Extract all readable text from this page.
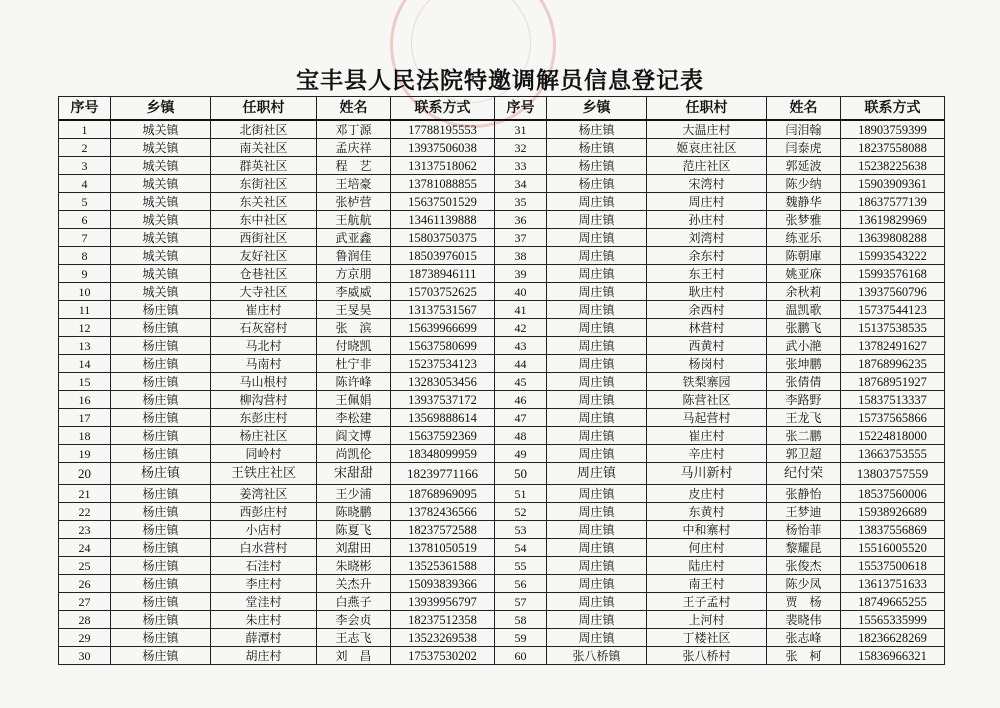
宝丰县人民法院特邀调解员信息登记表
序号	乡镇	任职村	姓名	联系方式	序号	乡镇	任职村	姓名	联系方式
1	城关镇	北街社区	邓丁源	17788195553	31	杨庄镇	大温庄村	闫泪翰	18903759399
2	城关镇	南关社区	孟庆祥	13937506038	32	杨庄镇	姬哀庄社区	闫泰虎	18237558088
3	城关镇	群英社区	程　艺	13137518062	33	杨庄镇	范庄社区	郭延波	15238225638
4	城关镇	东街社区	王培豪	13781088855	34	杨庄镇	宋湾村	陈少纳	15903909361
5	城关镇	东关社区	张栌营	15637501529	35	周庄镇	周庄村	魏静华	18637577139
6	城关镇	东中社区	王航航	13461139888	36	周庄镇	孙庄村	张梦雅	13619829969
7	城关镇	西街社区	武亚鑫	15803750375	37	周庄镇	刘湾村	练亚乐	13639808288
8	城关镇	友好社区	鲁润佳	18503976015	38	周庄镇	余东村	陈朝庫	15993543222
9	城关镇	仓巷社区	方京朋	18738946111	39	周庄镇	东王村	姚亚庥	15993576168
10	城关镇	大寺社区	李威威	15703752625	40	周庄镇	耿庄村	余秋莉	13937560796
11	杨庄镇	崔庄村	王旻昊	13137531567	41	周庄镇	余西村	温凯歌	15737544123
12	杨庄镇	石灰窑村	张　滨	15639966699	42	周庄镇	林营村	张鹏飞	15137538535
13	杨庄镇	马北村	付晓凯	15637580699	43	周庄镇	西黄村	武小滟	13782491627
14	杨庄镇	马南村	杜宁非	15237534123	44	周庄镇	杨岗村	张坤鹏	18768996235
15	杨庄镇	马山根村	陈许峰	13283053456	45	周庄镇	铁梨寨园	张倩倩	18768951927
16	杨庄镇	柳沟营村	王佩娟	13937537172	46	周庄镇	陈营社区	李路野	15837513337
17	杨庄镇	东彭庄村	李松建	13569888614	47	周庄镇	马起营村	王龙飞	15737565866
18	杨庄镇	杨庄社区	阎文博	15637592369	48	周庄镇	崔庄村	张二鹏	15224818000
19	杨庄镇	同岭村	尚凯伦	18348099959	49	周庄镇	辛庄村	郭卫超	13663753555
20	杨庄镇	王铁庄社区	宋甜甜	18239771166	50	周庄镇	马川新村	纪付荣	13803757559
21	杨庄镇	姜湾社区	王少浦	18768969095	51	周庄镇	皮庄村	张静怡	18537560006
22	杨庄镇	西彭庄村	陈晓鹏	13782436566	52	周庄镇	东黄村	王梦迪	15938926689
23	杨庄镇	小店村	陈夏飞	18237572588	53	周庄镇	中和寨村	杨怡菲	13837556869
24	杨庄镇	白水营村	刘甜田	13781050519	54	周庄镇	何庄村	黎耀昆	15516005520
25	杨庄镇	石洼村	朱晓彬	13525361588	55	周庄镇	陆庄村	张俊杰	15537500618
26	杨庄镇	李庄村	关杰升	15093839366	56	周庄镇	南王村	陈少凤	13613751633
27	杨庄镇	堂洼村	白燕子	13939956797	57	周庄镇	王子孟村	贾　杨	18749665255
28	杨庄镇	朱庄村	李会贞	18237512358	58	周庄镇	上河村	裴晓伟	15565335999
29	杨庄镇	薛潭村	王志飞	13523269538	59	周庄镇	丁楼社区	张志峰	18236628269
30	杨庄镇	胡庄村	刘　昌	17537530202	60	张八桥镇	张八桥村	张　柯	15836966321
